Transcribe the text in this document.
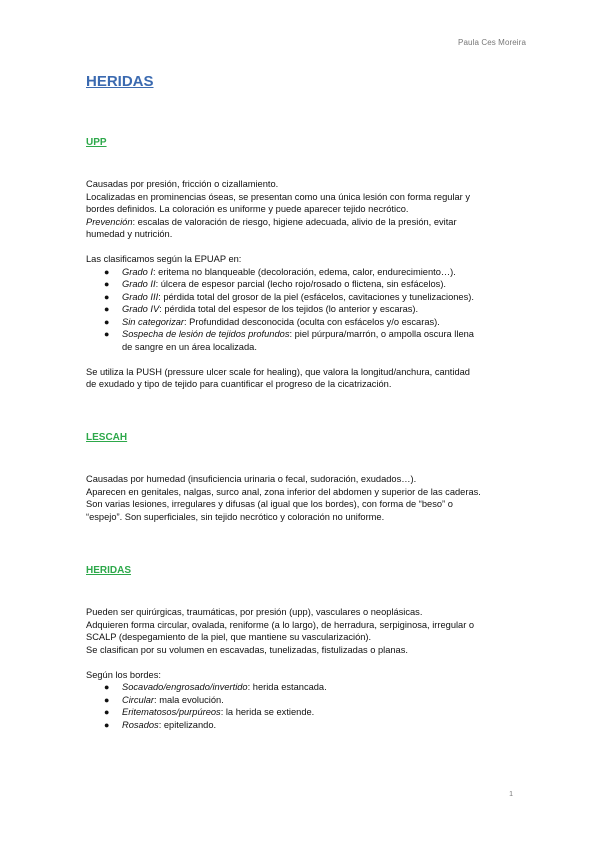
Paula Ces Moreira
HERIDAS
UPP

Causadas por presión, fricción o cizallamiento.

Localizadas en prominencias óseas, se presentan como una única lesión con forma regular y

bordes definidos. La coloración es uniforme y puede aparecer tejido necrótico.

Prevención: escalas de valoración de riesgo, higiene adecuada, alivio de la presión, evitar

humedad y nutrición.

Las clasificamos según la EPUAP en:

● Grado I: eritema no blanqueable (decoloración, edema, calor, endurecimiento…).
● Grado II: úlcera de espesor parcial (lecho rojo/rosado o flictena, sin esfácelos).
● Grado III: pérdida total del grosor de la piel (esfácelos, cavitaciones y tunelizaciones).
● Grado IV: pérdida total del espesor de los tejidos (lo anterior y escaras).
● Sin categorizar: Profundidad desconocida (oculta con esfácelos y/o escaras).
● Sospecha de lesión de tejidos profundos: piel púrpura/marrón, o ampolla oscura llena
de sangre en un área localizada.

Se utiliza la PUSH (pressure ulcer scale for healing), que valora la longitud/anchura, cantidad

de exudado y tipo de tejido para cuantificar el progreso de la cicatrización.

LESCAH

Causadas por humedad (insuficiencia urinaria o fecal, sudoración, exudados…).

Aparecen en genitales, nalgas, surco anal, zona inferior del abdomen y superior de las caderas.

Son varias lesiones, irregulares y difusas (al igual que los bordes), con forma de “beso” o

“espejo”. Son superficiales, sin tejido necrótico y coloración no uniforme.

HERIDAS

Pueden ser quirúrgicas, traumáticas, por presión (upp), vasculares o neoplásicas.

Adquieren forma circular, ovalada, reniforme (a lo largo), de herradura, serpiginosa, irregular o

SCALP (despegamiento de la piel, que mantiene su vascularización).

Se clasifican por su volumen en escavadas, tunelizadas, fistulizadas o planas.

Según los bordes:

● Socavado/engrosado/invertido: herida estancada.
● Circular: mala evolución.
● Eritematosos/purpúreos: la herida se extiende.
● Rosados: epitelizando.
1
